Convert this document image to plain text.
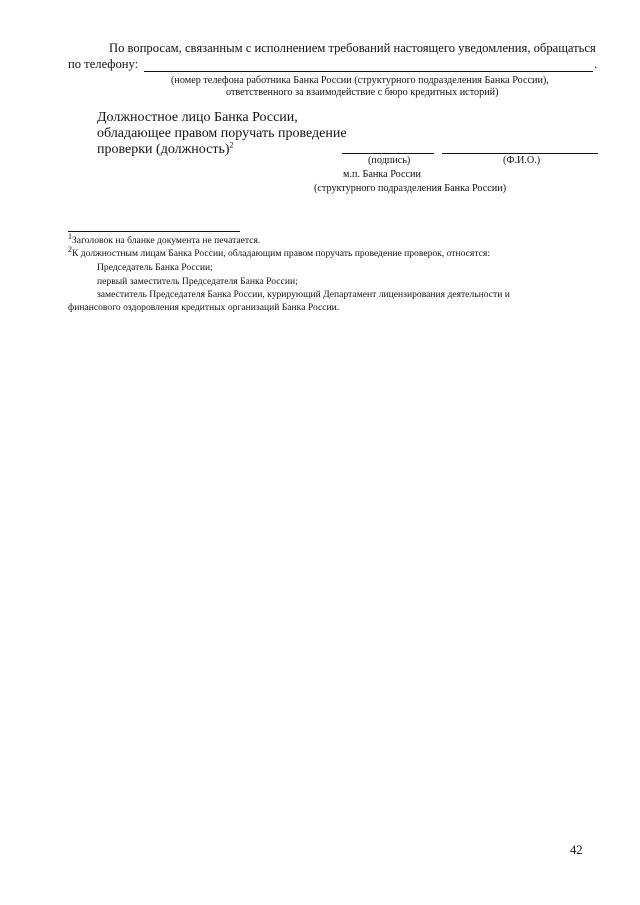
По вопросам, связанным с исполнением требований настоящего уведомления, обращаться
по телефону:	.
(номер телефона работника Банка России (структурного подразделения Банка России),
ответственного за взаимодействие с бюро кредитных историй)
Должностное лицо Банка России,
обладающее правом поручать проведение
проверки (должность)$^2$
(подпись)	(Ф.И.О.)
м.п. Банка России
(структурного подразделения Банка России)
$^1$Заголовок на бланке документа не печатается.
$^2$К должностным лицам Банка России, обладающим правом поручать проведение проверок, относятся:
Председатель Банка России;
первый заместитель Председателя Банка России;
заместитель Председателя Банка России, курирующий Департамент лицензирования деятельности и
финансового оздоровления кредитных организаций Банка России.
42
